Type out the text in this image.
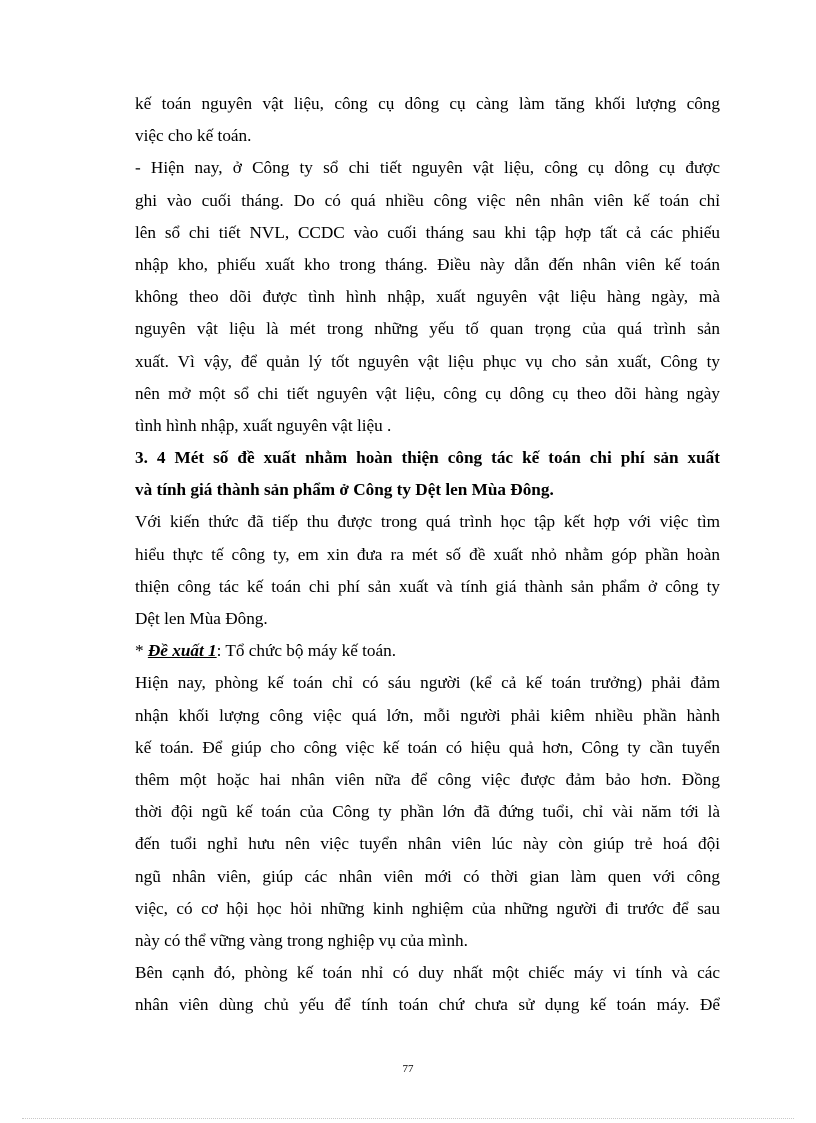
kế toán nguyên vật liệu, công cụ dông cụ càng làm tăng khối lượng công
việc cho kế toán.
- Hiện nay, ở Công ty sổ chi tiết nguyên vật liệu, công cụ dông cụ được
ghi vào cuối tháng. Do có quá nhiều công việc nên nhân viên kế toán chỉ
lên sổ chi tiết NVL, CCDC vào cuối tháng sau khi tập hợp tất cả các phiếu
nhập kho, phiếu xuất kho trong tháng. Điều này dẫn đến nhân viên kế toán
không theo dõi được tình hình nhập, xuất nguyên vật liệu hàng ngày, mà
nguyên vật liệu là mét trong những yếu tố quan trọng của quá trình sản
xuất. Vì vậy, để quản lý tốt nguyên vật liệu phục vụ cho sản xuất, Công ty
nên mở một sổ chi tiết nguyên vật liệu, công cụ dông cụ theo dõi hàng ngày
tình hình nhập, xuất nguyên vật liệu .
3. 4 Mét số đề xuất nhằm hoàn thiện công tác kế toán chi phí sản xuất
và tính giá thành sản phẩm ở Công ty Dệt len Mùa Đông.
Với kiến thức đã tiếp thu được trong quá trình học tập kết hợp với việc tìm
hiểu thực tế công ty, em xin đưa ra mét số đề xuất nhỏ nhằm góp phần hoàn
thiện công tác kế toán chi phí sản xuất và tính giá thành sản phẩm ở công ty
Dệt len Mùa Đông.
* Đề xuất 1: Tổ chức bộ máy kế toán.
Hiện nay, phòng kế toán chỉ có sáu người (kể cả kế toán trưởng) phải đảm
nhận khối lượng công việc quá lớn, mỗi người phải kiêm nhiều phần hành
kế toán. Để giúp cho công việc kế toán có hiệu quả hơn, Công ty cần tuyển
thêm một hoặc hai nhân viên nữa để công việc được đảm bảo hơn. Đồng
thời đội ngũ kế toán của Công ty phần lớn đã đứng tuổi, chỉ vài năm tới là
đến tuổi nghỉ hưu nên việc tuyển nhân viên lúc này còn giúp trẻ hoá đội
ngũ nhân viên, giúp các nhân viên mới có thời gian làm quen với công
việc, có cơ hội học hỏi những kinh nghiệm của những người đi trước để sau
này có thể vững vàng trong nghiệp vụ của mình.
Bên cạnh đó, phòng kế toán nhỉ có duy nhất một chiếc máy vi tính và các
nhân viên dùng chủ yếu để tính toán chứ chưa sử dụng kế toán máy. Để
77
